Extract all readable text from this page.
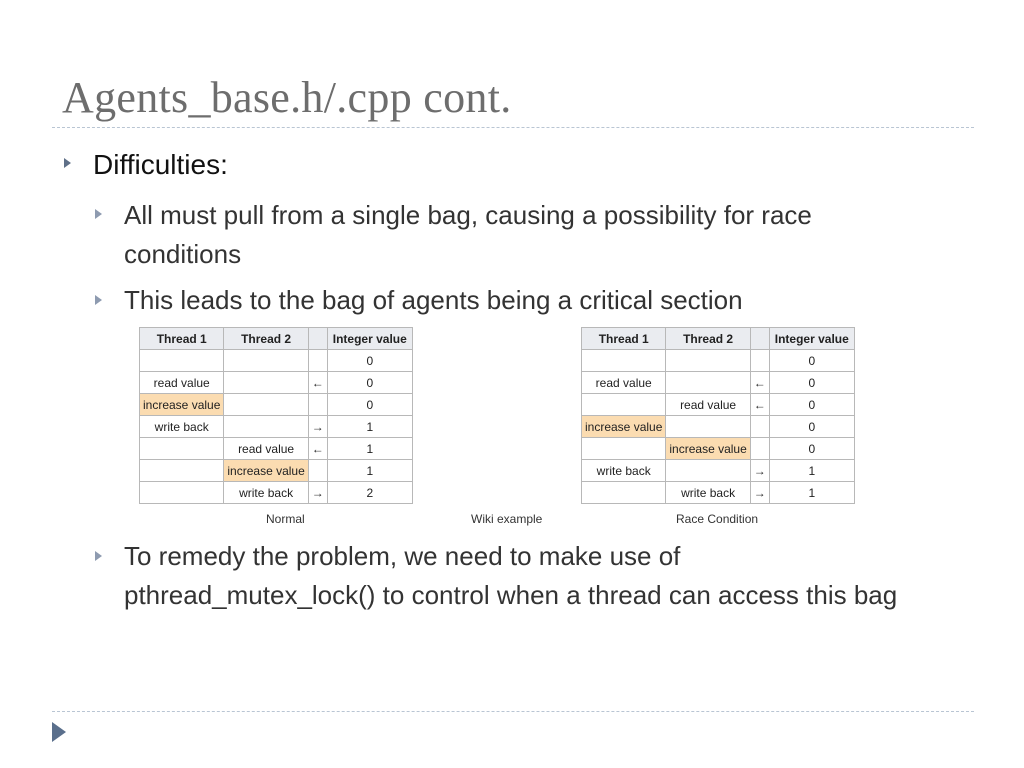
Agents_base.h/.cpp cont.
Difficulties:
All must pull from a single bag, causing a possibility for race conditions
This leads to the bag of agents being a critical section
Thread 1	Thread 2		Integer value
			0
read value		←	0
increase value			0
write back		→	1
	read value	←	1
	increase value		1
	write back	→	2
Thread 1	Thread 2		Integer value
			0
read value		←	0
	read value	←	0
increase value			0
	increase value		0
write back		→	1
	write back	→	1
Normal	Wiki example	Race Condition
To remedy the problem, we need to make use of pthread_mutex_lock() to control when a thread can access this bag
